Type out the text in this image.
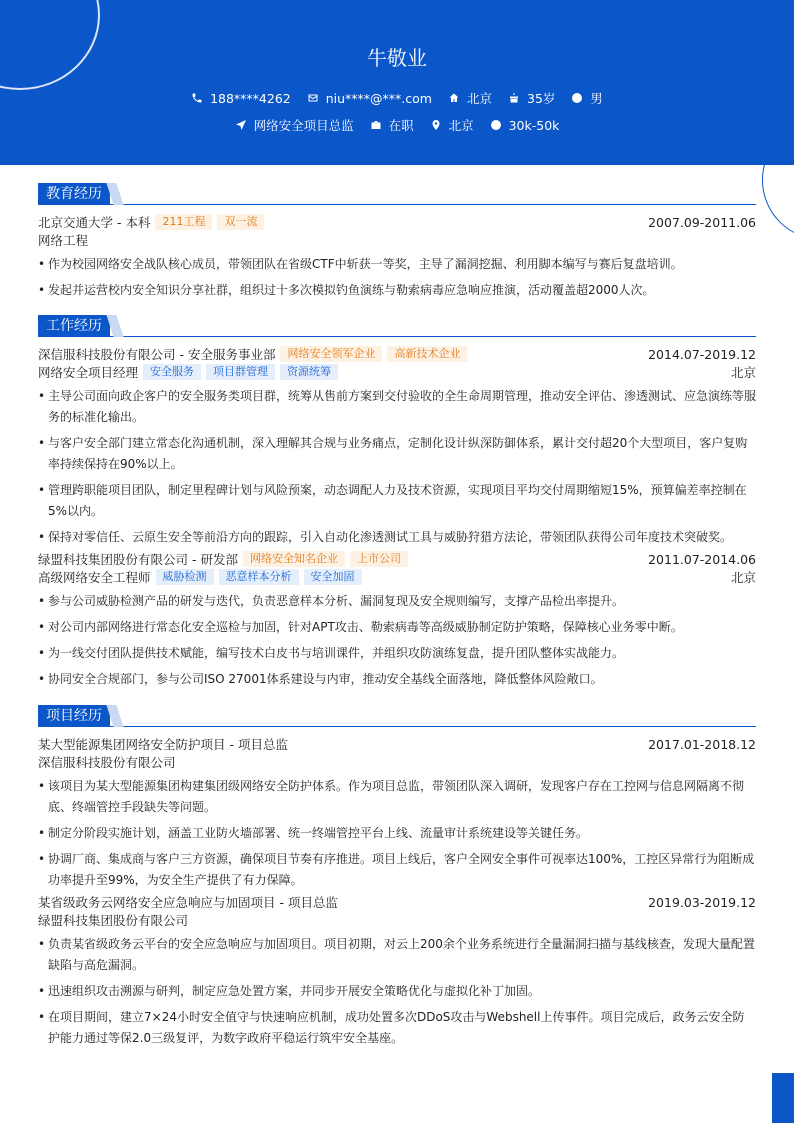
牛敬业
188****4262	niu****@***.com	北京	35岁	男
网络安全项目总监	在职	北京	30k-50k
教育经历
北京交通大学 - 本科	211工程	双一流	2007.09-2011.06
网络工程
• 作为校园网络安全战队核心成员，带领团队在省级CTF中斩获一等奖，主导了漏洞挖掘、利用脚本编写与赛后复盘培训。
• 发起并运营校内安全知识分享社群，组织过十多次模拟钓鱼演练与勒索病毒应急响应推演，活动覆盖超2000人次。
工作经历
深信服科技股份有限公司 - 安全服务事业部	网络安全领军企业	高新技术企业	2014.07-2019.12
网络安全项目经理	安全服务	项目群管理	资源统筹	北京
• 主导公司面向政企客户的安全服务类项目群，统筹从售前方案到交付验收的全生命周期管理，推动安全评估、渗透测试、应急演练等服务的标准化输出。
• 与客户安全部门建立常态化沟通机制，深入理解其合规与业务痛点，定制化设计纵深防御体系，累计交付超20个大型项目，客户复购率持续保持在90%以上。
• 管理跨职能项目团队，制定里程碑计划与风险预案，动态调配人力及技术资源，实现项目平均交付周期缩短15%，预算偏差率控制在5%以内。
• 保持对零信任、云原生安全等前沿方向的跟踪，引入自动化渗透测试工具与威胁狩猎方法论，带领团队获得公司年度技术突破奖。
绿盟科技集团股份有限公司 - 研发部	网络安全知名企业	上市公司	2011.07-2014.06
高级网络安全工程师	威胁检测	恶意样本分析	安全加固	北京
• 参与公司威胁检测产品的研发与迭代，负责恶意样本分析、漏洞复现及安全规则编写，支撑产品检出率提升。
• 对公司内部网络进行常态化安全巡检与加固，针对APT攻击、勒索病毒等高级威胁制定防护策略，保障核心业务零中断。
• 为一线交付团队提供技术赋能，编写技术白皮书与培训课件，并组织攻防演练复盘，提升团队整体实战能力。
• 协同安全合规部门，参与公司ISO 27001体系建设与内审，推动安全基线全面落地，降低整体风险敞口。
项目经历
某大型能源集团网络安全防护项目 - 项目总监	2017.01-2018.12
深信服科技股份有限公司
• 该项目为某大型能源集团构建集团级网络安全防护体系。作为项目总监，带领团队深入调研，发现客户存在工控网与信息网隔离不彻底、终端管控手段缺失等问题。
• 制定分阶段实施计划，涵盖工业防火墙部署、统一终端管控平台上线、流量审计系统建设等关键任务。
• 协调厂商、集成商与客户三方资源，确保项目节奏有序推进。项目上线后，客户全网安全事件可视率达100%，工控区异常行为阻断成功率提升至99%，为安全生产提供了有力保障。
某省级政务云网络安全应急响应与加固项目 - 项目总监	2019.03-2019.12
绿盟科技集团股份有限公司
• 负责某省级政务云平台的安全应急响应与加固项目。项目初期，对云上200余个业务系统进行全量漏洞扫描与基线核查，发现大量配置缺陷与高危漏洞。
• 迅速组织攻击溯源与研判，制定应急处置方案，并同步开展安全策略优化与虚拟化补丁加固。
• 在项目期间，建立7×24小时安全值守与快速响应机制，成功处置多次DDoS攻击与Webshell上传事件。项目完成后，政务云安全防护能力通过等保2.0三级复评，为数字政府平稳运行筑牢安全基座。
